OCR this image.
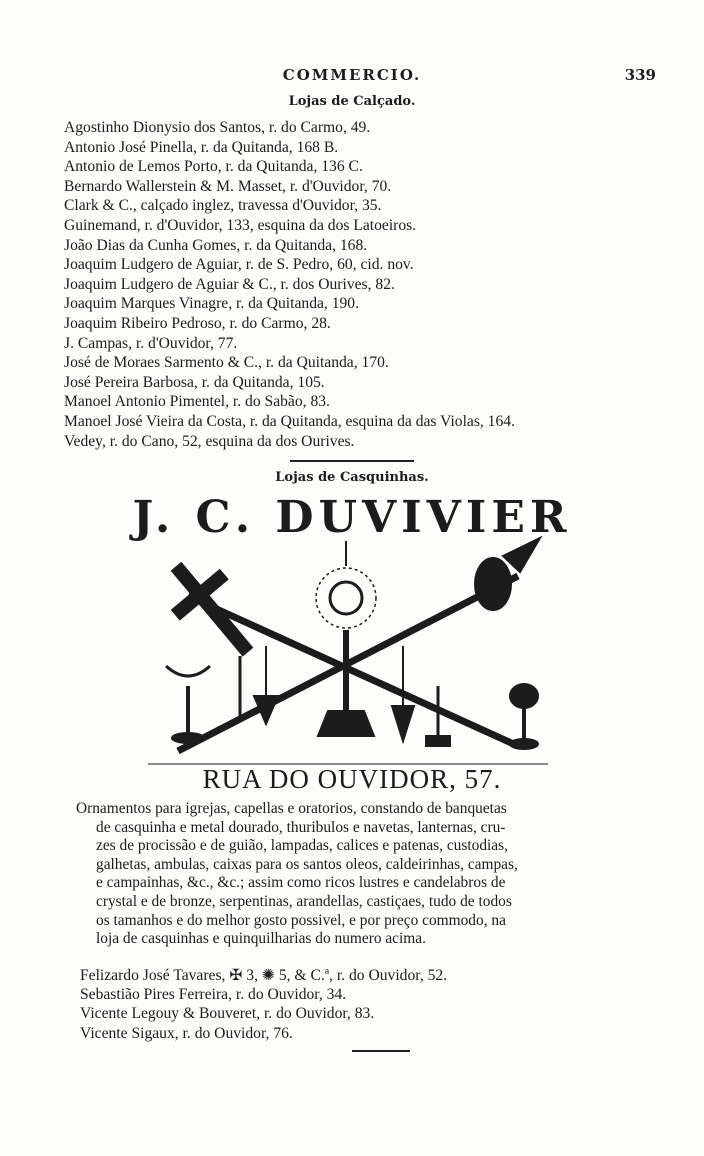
COMMERCIO.	339
Lojas de Calçado.
Agostinho Dionysio dos Santos, r. do Carmo, 49.
Antonio José Pinella, r. da Quitanda, 168 B.
Antonio de Lemos Porto, r. da Quitanda, 136 C.
Bernardo Wallerstein & M. Masset, r. d'Ouvidor, 70.
Clark & C., calçado inglez, travessa d'Ouvidor, 35.
Guinemand, r. d'Ouvidor, 133, esquina da dos Latoeiros.
João Dias da Cunha Gomes, r. da Quitanda, 168.
Joaquim Ludgero de Aguiar, r. de S. Pedro, 60, cid. nov.
Joaquim Ludgero de Aguiar & C., r. dos Ourives, 82.
Joaquim Marques Vinagre, r. da Quitanda, 190.
Joaquim Ribeiro Pedroso, r. do Carmo, 28.
J. Campas, r. d'Ouvidor, 77.
José de Moraes Sarmento & C., r. da Quitanda, 170.
José Pereira Barbosa, r. da Quitanda, 105.
Manoel Antonio Pimentel, r. do Sabão, 83.
Manoel José Vieira da Costa, r. da Quitanda, esquina da das Violas, 164.
Vedey, r. do Cano, 52, esquina da dos Ourives.
Lojas de Casquinhas.
J. C. DUVIVIER
RUA DO OUVIDOR, 57.

Ornamentos para igrejas, capellas e oratorios, constando de banquetas

de casquinha e metal dourado, thuribulos e navetas, lanternas, cru-

zes de procissão e de guião, lampadas, calices e patenas, custodias,

galhetas, ambulas, caixas para os santos oleos, caldeirinhas, campas,

e campainhas, &c., &c.; assim como ricos lustres e candelabros de

crystal e de bronze, serpentinas, arandellas, castiçaes, tudo de todos

os tamanhos e do melhor gosto possivel, e por preço commodo, na

loja de casquinhas e quinquilharias do numero acima.

Felizardo José Tavares, ✠ 3, ✺ 5, & C.ª, r. do Ouvidor, 52.
Sebastião Pires Ferreira, r. do Ouvidor, 34.
Vicente Legouy & Bouveret, r. do Ouvidor, 83.
Vicente Sigaux, r. do Ouvidor, 76.
